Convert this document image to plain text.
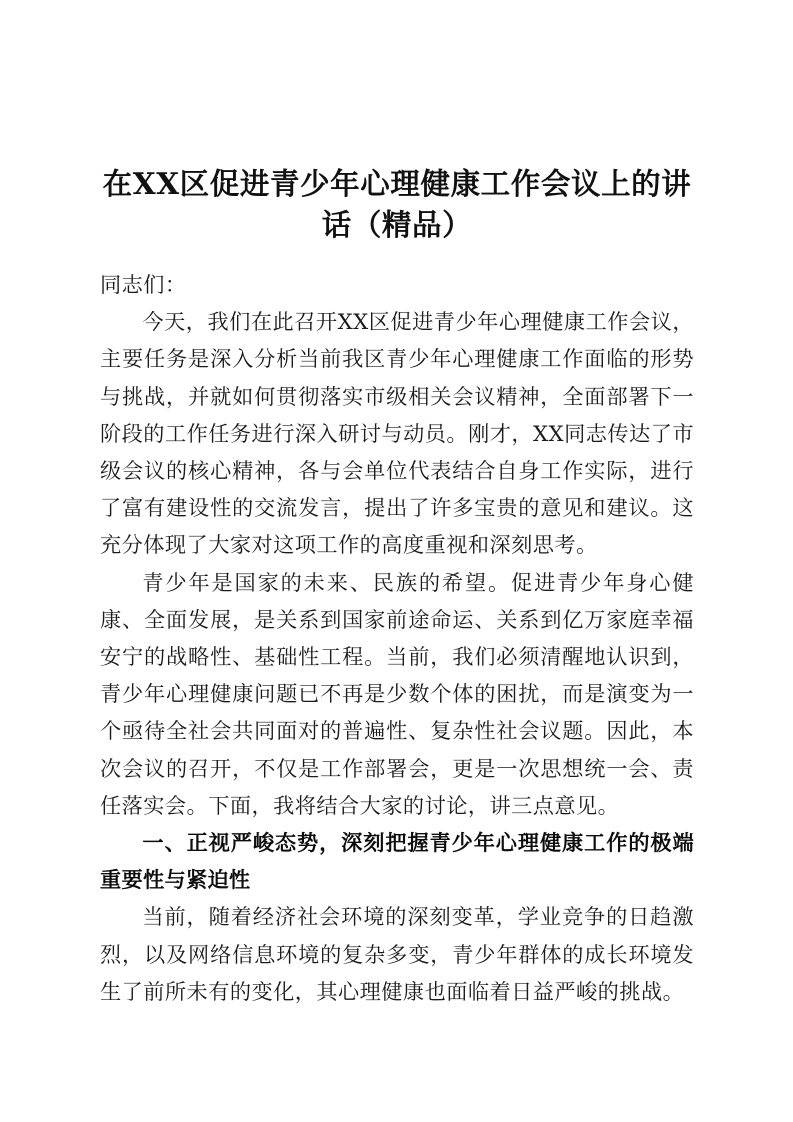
在XX区促进青少年心理健康工作会议上的讲话（精品）

同志们：

今天，我们在此召开XX区促进青少年心理健康工作会议，主要任务是深入分析当前我区青少年心理健康工作面临的形势与挑战，并就如何贯彻落实市级相关会议精神，全面部署下一阶段的工作任务进行深入研讨与动员。刚才，XX同志传达了市级会议的核心精神，各与会单位代表结合自身工作实际，进行了富有建设性的交流发言，提出了许多宝贵的意见和建议。这充分体现了大家对这项工作的高度重视和深刻思考。

青少年是国家的未来、民族的希望。促进青少年身心健康、全面发展，是关系到国家前途命运、关系到亿万家庭幸福安宁的战略性、基础性工程。当前，我们必须清醒地认识到，青少年心理健康问题已不再是少数个体的困扰，而是演变为一个亟待全社会共同面对的普遍性、复杂性社会议题。因此，本次会议的召开，不仅是工作部署会，更是一次思想统一会、责任落实会。下面，我将结合大家的讨论，讲三点意见。

一、正视严峻态势，深刻把握青少年心理健康工作的极端重要性与紧迫性

当前，随着经济社会环境的深刻变革，学业竞争的日趋激烈，以及网络信息环境的复杂多变，青少年群体的成长环境发生了前所未有的变化，其心理健康也面临着日益严峻的挑战。
